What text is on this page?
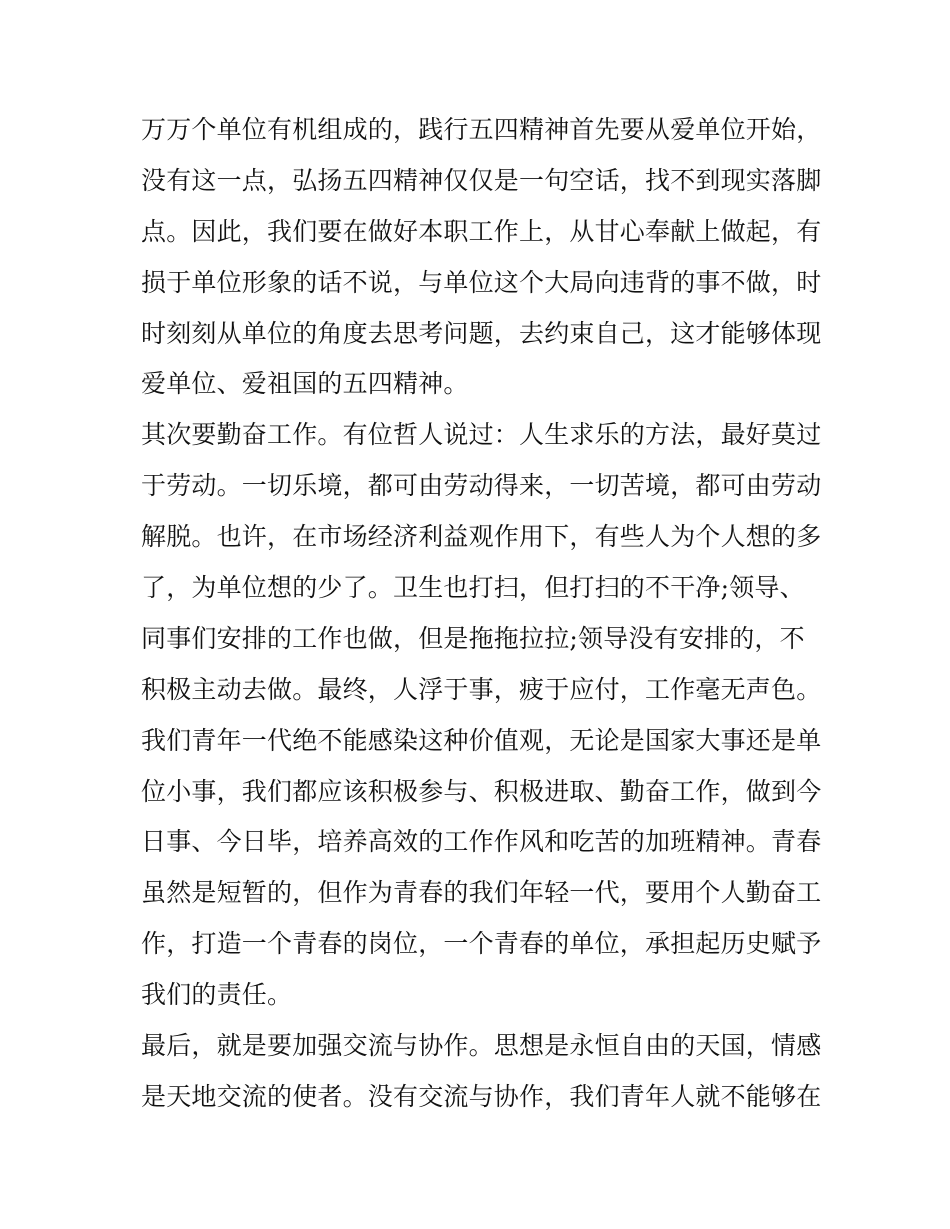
万万个单位有机组成的，践行五四精神首先要从爱单位开始，
没有这一点，弘扬五四精神仅仅是一句空话，找不到现实落脚
点。因此，我们要在做好本职工作上，从甘心奉献上做起，有
损于单位形象的话不说，与单位这个大局向违背的事不做，时
时刻刻从单位的角度去思考问题，去约束自己，这才能够体现
爱单位、爱祖国的五四精神。
其次要勤奋工作。有位哲人说过：人生求乐的方法，最好莫过
于劳动。一切乐境，都可由劳动得来，一切苦境，都可由劳动
解脱。也许，在市场经济利益观作用下，有些人为个人想的多
了，为单位想的少了。卫生也打扫，但打扫的不干净;领导、
同事们安排的工作也做，但是拖拖拉拉;领导没有安排的，不
积极主动去做。最终，人浮于事，疲于应付，工作毫无声色。
我们青年一代绝不能感染这种价值观，无论是国家大事还是单
位小事，我们都应该积极参与、积极进取、勤奋工作，做到今
日事、今日毕，培养高效的工作作风和吃苦的加班精神。青春
虽然是短暂的，但作为青春的我们年轻一代，要用个人勤奋工
作，打造一个青春的岗位，一个青春的单位，承担起历史赋予
我们的责任。
最后，就是要加强交流与协作。思想是永恒自由的天国，情感
是天地交流的使者。没有交流与协作，我们青年人就不能够在
